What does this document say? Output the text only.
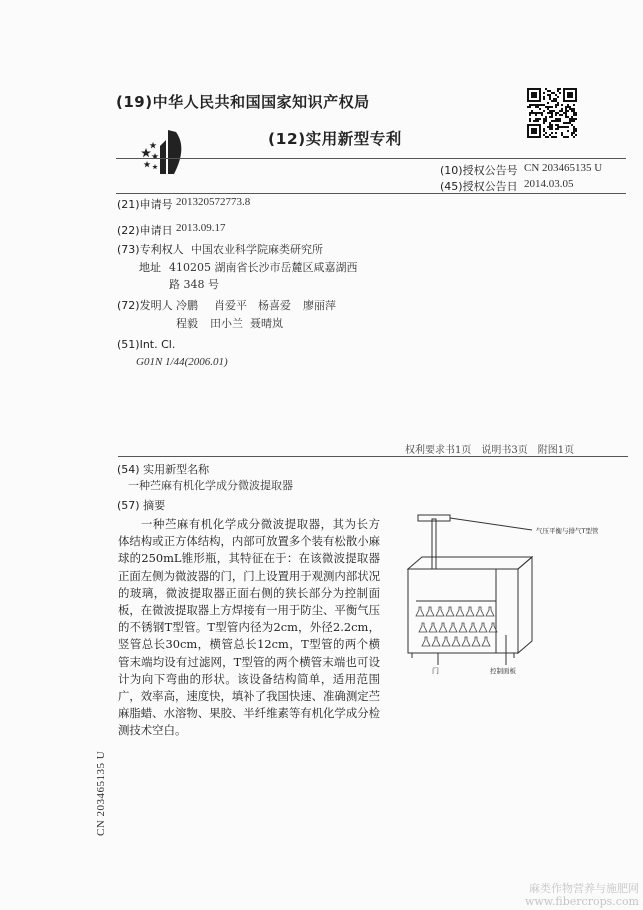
(19)中华人民共和国国家知识产权局
(12)实用新型专利
(10)授权公告号 CN 203465135 U
(45)授权公告日 2014.03.05
(21)申请号 201320572773.8
(22)申请日 2013.09.17
(73)专利权人 中国农业科学院麻类研究所
地址 410205 湖南省长沙市岳麓区咸嘉湖西
路 348 号
(72)发明人 冷鹏 肖爱平 杨喜爱 廖丽萍
程毅 田小兰 聂晴岚
(51)Int. Cl.
G01N 1/44(2006.01)
权利要求书1页　说明书3页　附图1页
(54) 实用新型名称
一种苎麻有机化学成分微波提取器
(57) 摘要

一种苎麻有机化学成分微波提取器，其为长方体结构或正方体结构，内部可放置多个装有松散小麻球的250mL锥形瓶，其特征在于：在该微波提取器正面左侧为微波器的门，门上设置用于观测内部状况的玻璃，微波提取器正面右侧的狭长部分为控制面板，在微波提取器上方焊接有一用于防尘、平衡气压的不锈钢T型管。T型管内径为2cm，外径2.2cm，竖管总长30cm，横管总长12cm，T型管的两个横管末端均设有过滤网，T型管的两个横管末端也可设计为向下弯曲的形状。该设备结构简单，适用范围广，效率高，速度快，填补了我国快速、准确测定苎麻脂蜡、水溶物、果胶、半纤维素等有机化学成分检测技术空白。

气压平衡与排气T型管
门	控制面板
CN 203465135 U
麻类作物营养与施肥网
www.fibercrops.com
